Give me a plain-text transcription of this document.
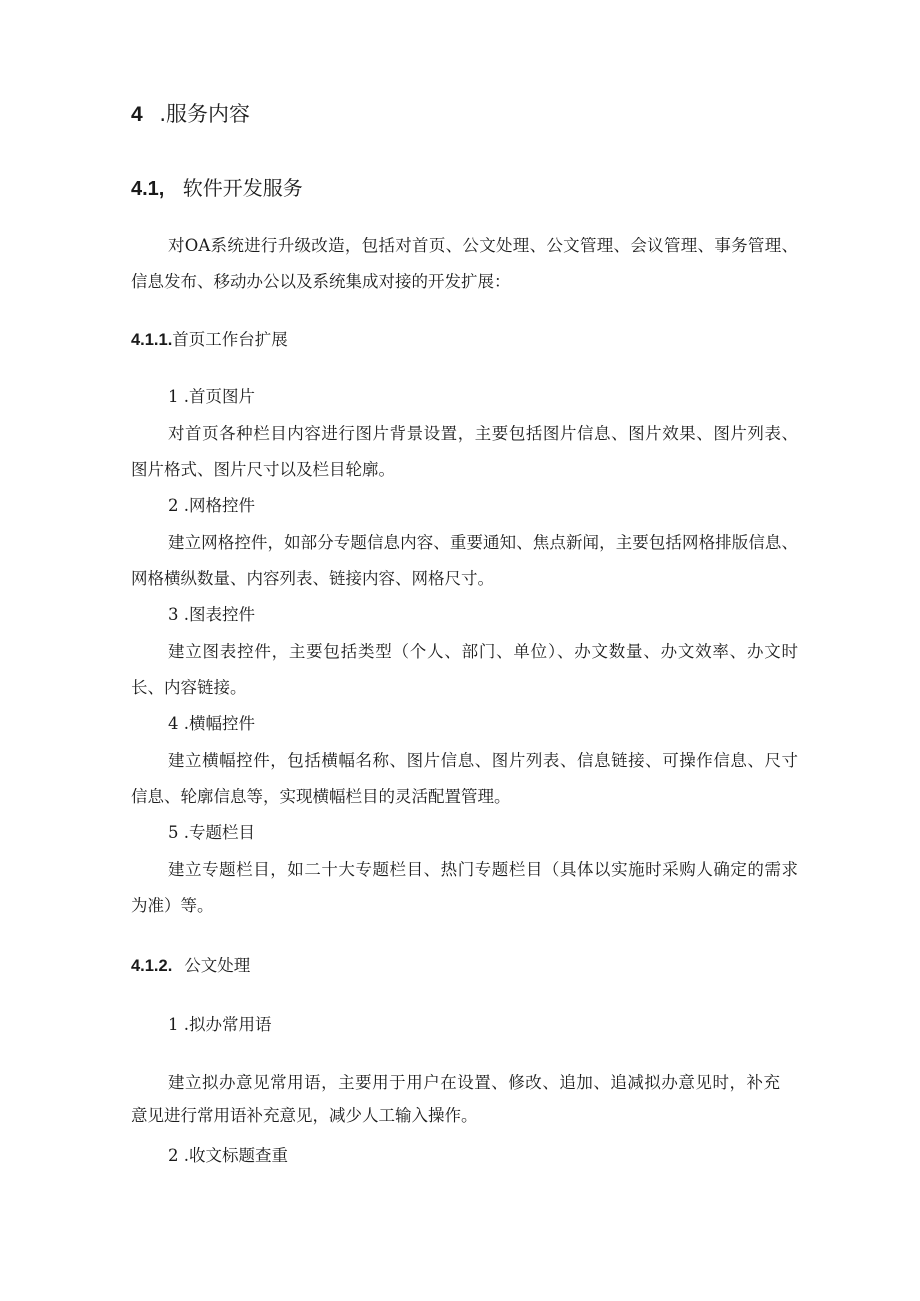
4 .服务内容
4.1, 软件开发服务
对OA系统进行升级改造，包括对首页、公文处理、公文管理、会议管理、事务管理、
信息发布、移动办公以及系统集成对接的开发扩展：
4.1.1.首页工作台扩展
1 .首页图片
对首页各种栏目内容进行图片背景设置，主要包括图片信息、图片效果、图片列表、
图片格式、图片尺寸以及栏目轮廓。
2 .网格控件
建立网格控件，如部分专题信息内容、重要通知、焦点新闻，主要包括网格排版信息、
网格横纵数量、内容列表、链接内容、网格尺寸。
3 .图表控件
建立图表控件，主要包括类型（个人、部门、单位）、办文数量、办文效率、办文时
长、内容链接。
4 .横幅控件
建立横幅控件，包括横幅名称、图片信息、图片列表、信息链接、可操作信息、尺寸
信息、轮廓信息等，实现横幅栏目的灵活配置管理。
5 .专题栏目
建立专题栏目，如二十大专题栏目、热门专题栏目（具体以实施时采购人确定的需求
为准）等。
4.1.2. 公文处理
1 .拟办常用语
建立拟办意见常用语，主要用于用户在设置、修改、追加、追减拟办意见时，补充
意见进行常用语补充意见，减少人工输入操作。
2 .收文标题查重
